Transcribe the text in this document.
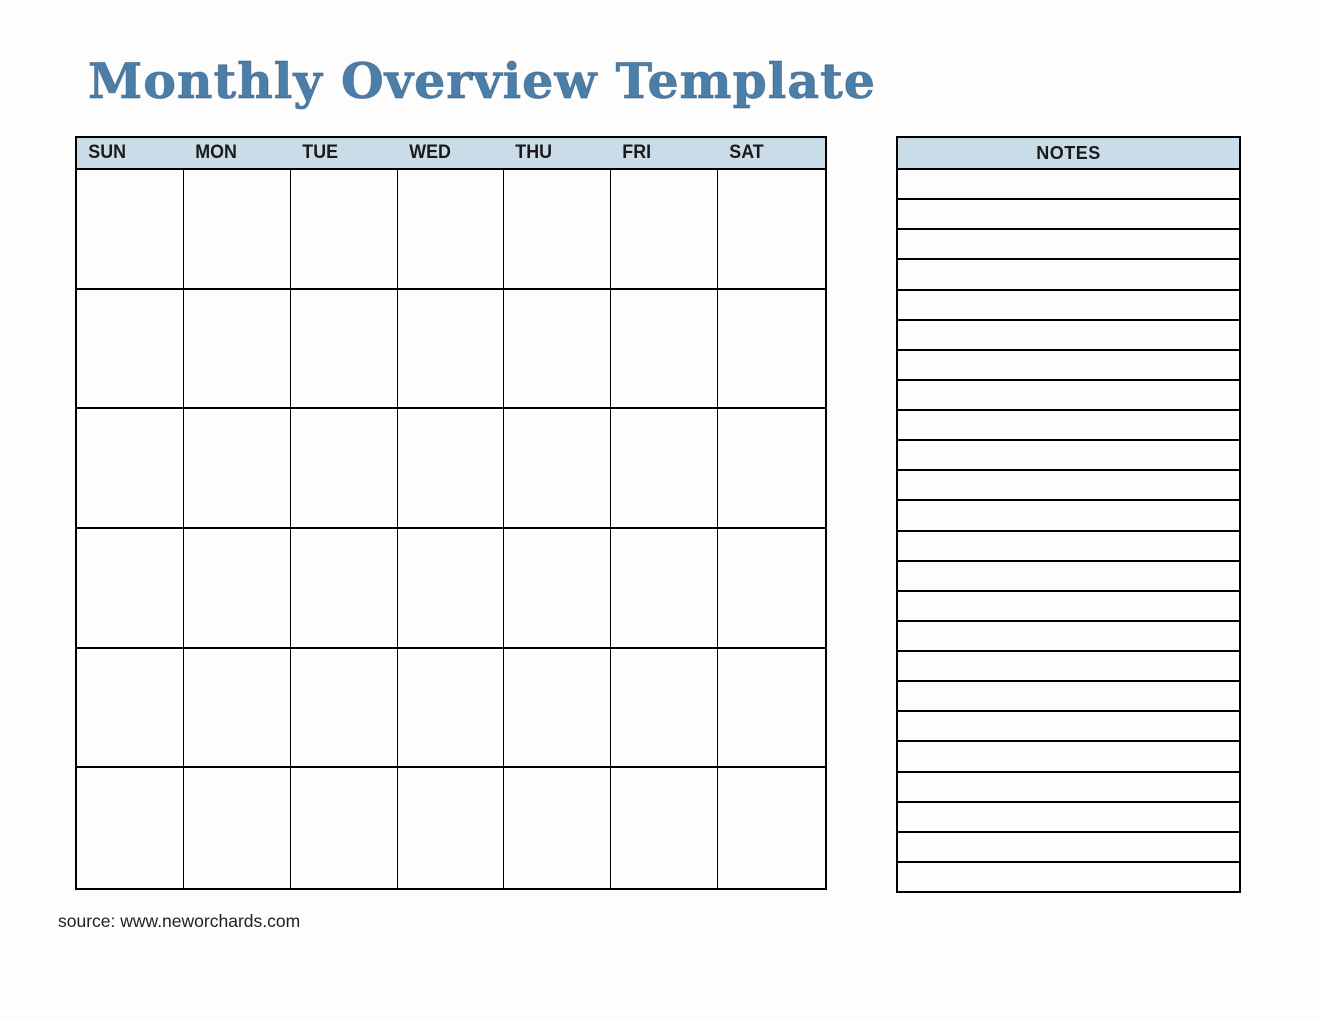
Monthly Overview Template
SUN	MON	TUE	WED	THU	FRI	SAT	NOTES
source: www.neworchards.com
